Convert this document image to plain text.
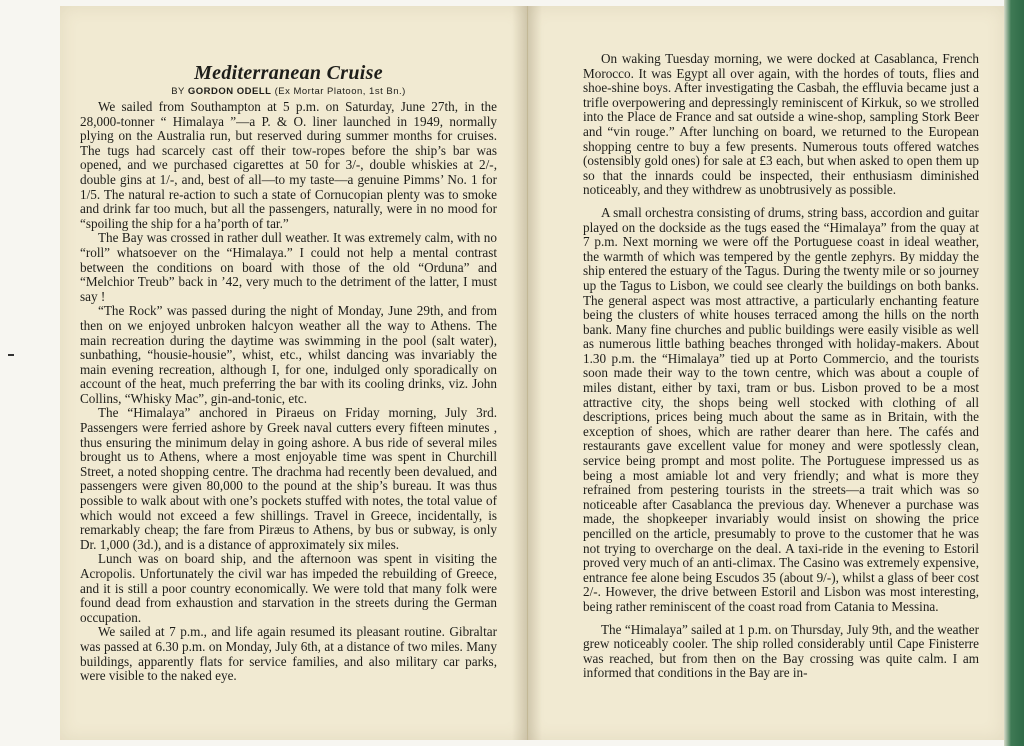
Mediterranean Cruise
BY GORDON ODELL (Ex Mortar Platoon, 1st Bn.)

We sailed from Southampton at 5 p.m. on Saturday, June 27th, in the 28,000-tonner “ Himalaya ”—a P. & O. liner launched in 1949, normally plying on the Australia run, but reserved during summer months for cruises. The tugs had scarcely cast off their tow-ropes before the ship’s bar was opened, and we purchased cigarettes at 50 for 3/-, double whiskies at 2/-, double gins at 1/-, and, best of all—to my taste—a genuine Pimms’ No. 1 for 1/5. The natural re-action to such a state of Cornucopian plenty was to smoke and drink far too much, but all the passengers, naturally, were in no mood for “spoiling the ship for a ha’porth of tar.”

The Bay was crossed in rather dull weather. It was extremely calm, with no “roll” whatsoever on the “Himalaya.” I could not help a mental contrast between the conditions on board with those of the old “Orduna” and “Melchior Treub” back in ’42, very much to the detriment of the latter, I must say !

“The Rock” was passed during the night of Monday, June 29th, and from then on we enjoyed unbroken halcyon weather all the way to Athens. The main recreation during the daytime was swimming in the pool (salt water), sunbathing, “housie-housie”, whist, etc., whilst dancing was invariably the main evening recreation, although I, for one, indulged only sporadically on account of the heat, much preferring the bar with its cooling drinks, viz. John Collins, “Whisky Mac”, gin-and-tonic, etc.

The “Himalaya” anchored in Piraeus on Friday morning, July 3rd. Passengers were ferried ashore by Greek naval cutters every fifteen minutes , thus ensuring the minimum delay in going ashore. A bus ride of several miles brought us to Athens, where a most enjoyable time was spent in Churchill Street, a noted shopping centre. The drachma had recently been devalued, and passengers were given 80,000 to the pound at the ship’s bureau. It was thus possible to walk about with one’s pockets stuffed with notes, the total value of which would not exceed a few shillings. Travel in Greece, incidentally, is remarkably cheap; the fare from Piræus to Athens, by bus or subway, is only Dr. 1,000 (3d.), and is a distance of approximately six miles.

Lunch was on board ship, and the afternoon was spent in visiting the Acropolis. Unfortunately the civil war has impeded the rebuilding of Greece, and it is still a poor country economically. We were told that many folk were found dead from exhaustion and starvation in the streets during the German occupation.

We sailed at 7 p.m., and life again resumed its pleasant routine. Gibraltar was passed at 6.30 p.m. on Monday, July 6th, at a distance of two miles. Many buildings, apparently flats for service families, and also military car parks, were visible to the naked eye.

On waking Tuesday morning, we were docked at Casablanca, French Morocco. It was Egypt all over again, with the hordes of touts, flies and shoe-shine boys. After investigating the Casbah, the effluvia became just a trifle overpowering and depressingly reminiscent of Kirkuk, so we strolled into the Place de France and sat outside a wine-shop, sampling Stork Beer and “vin rouge.” After lunching on board, we returned to the European shopping centre to buy a few presents. Numerous touts offered watches (ostensibly gold ones) for sale at £3 each, but when asked to open them up so that the innards could be inspected, their enthusiasm diminished noticeably, and they withdrew as unobtrusively as possible.

A small orchestra consisting of drums, string bass, accordion and guitar played on the dockside as the tugs eased the “Himalaya” from the quay at 7 p.m. Next morning we were off the Portuguese coast in ideal weather, the warmth of which was tempered by the gentle zephyrs. By midday the ship entered the estuary of the Tagus. During the twenty mile or so journey up the Tagus to Lisbon, we could see clearly the buildings on both banks. The general aspect was most attractive, a particularly enchanting feature being the clusters of white houses terraced among the hills on the north bank. Many fine churches and public buildings were easily visible as well as numerous little bathing beaches thronged with holiday-makers. About 1.30 p.m. the “Himalaya” tied up at Porto Commercio, and the tourists soon made their way to the town centre, which was about a couple of miles distant, either by taxi, tram or bus. Lisbon proved to be a most attractive city, the shops being well stocked with clothing of all descriptions, prices being much about the same as in Britain, with the exception of shoes, which are rather dearer than here. The cafés and restaurants gave excellent value for money and were spotlessly clean, service being prompt and most polite. The Portuguese impressed us as being a most amiable lot and very friendly; and what is more they refrained from pestering tourists in the streets—a trait which was so noticeable after Casablanca the previous day. Whenever a purchase was made, the shopkeeper invariably would insist on showing the price pencilled on the article, presumably to prove to the customer that he was not trying to overcharge on the deal. A taxi-ride in the evening to Estoril proved very much of an anti-climax. The Casino was extremely expensive, entrance fee alone being Escudos 35 (about 9/-), whilst a glass of beer cost 2/-. However, the drive between Estoril and Lisbon was most interesting, being rather reminiscent of the coast road from Catania to Messina.

The “Himalaya” sailed at 1 p.m. on Thursday, July 9th, and the weather grew noticeably cooler. The ship rolled considerably until Cape Finisterre was reached, but from then on the Bay crossing was quite calm. I am informed that conditions in the Bay are in-
